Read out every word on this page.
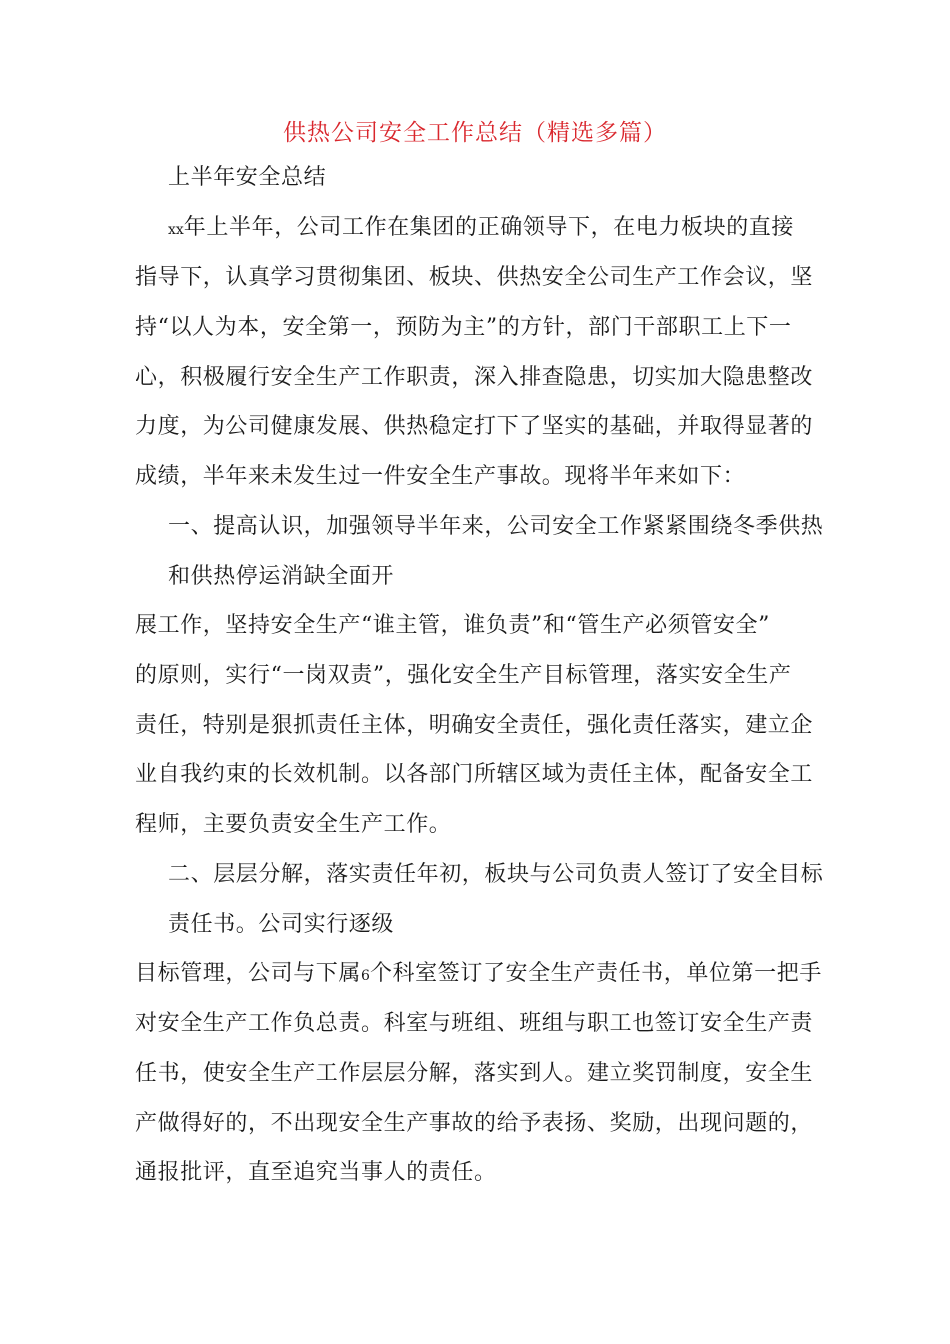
供热公司安全工作总结（精选多篇）
上半年安全总结
xx年上半年，公司工作在集团的正确领导下，在电力板块的直接
指导下，认真学习贯彻集团、板块、供热安全公司生产工作会议，坚
持“以人为本，安全第一，预防为主”的方针，部门干部职工上下一
心，积极履行安全生产工作职责，深入排查隐患，切实加大隐患整改
力度，为公司健康发展、供热稳定打下了坚实的基础，并取得显著的
成绩，半年来未发生过一件安全生产事故。现将半年来如下：
一、提高认识，加强领导半年来，公司安全工作紧紧围绕冬季供热
和供热停运消缺全面开
展工作，坚持安全生产“谁主管，谁负责”和“管生产必须管安全”
的原则，实行“一岗双责”，强化安全生产目标管理，落实安全生产
责任，特别是狠抓责任主体，明确安全责任，强化责任落实，建立企
业自我约束的长效机制。以各部门所辖区域为责任主体，配备安全工
程师，主要负责安全生产工作。
二、层层分解，落实责任年初，板块与公司负责人签订了安全目标
责任书。公司实行逐级
目标管理，公司与下属6个科室签订了安全生产责任书，单位第一把手
对安全生产工作负总责。科室与班组、班组与职工也签订安全生产责
任书，使安全生产工作层层分解，落实到人。建立奖罚制度，安全生
产做得好的，不出现安全生产事故的给予表扬、奖励，出现问题的，
通报批评，直至追究当事人的责任。
